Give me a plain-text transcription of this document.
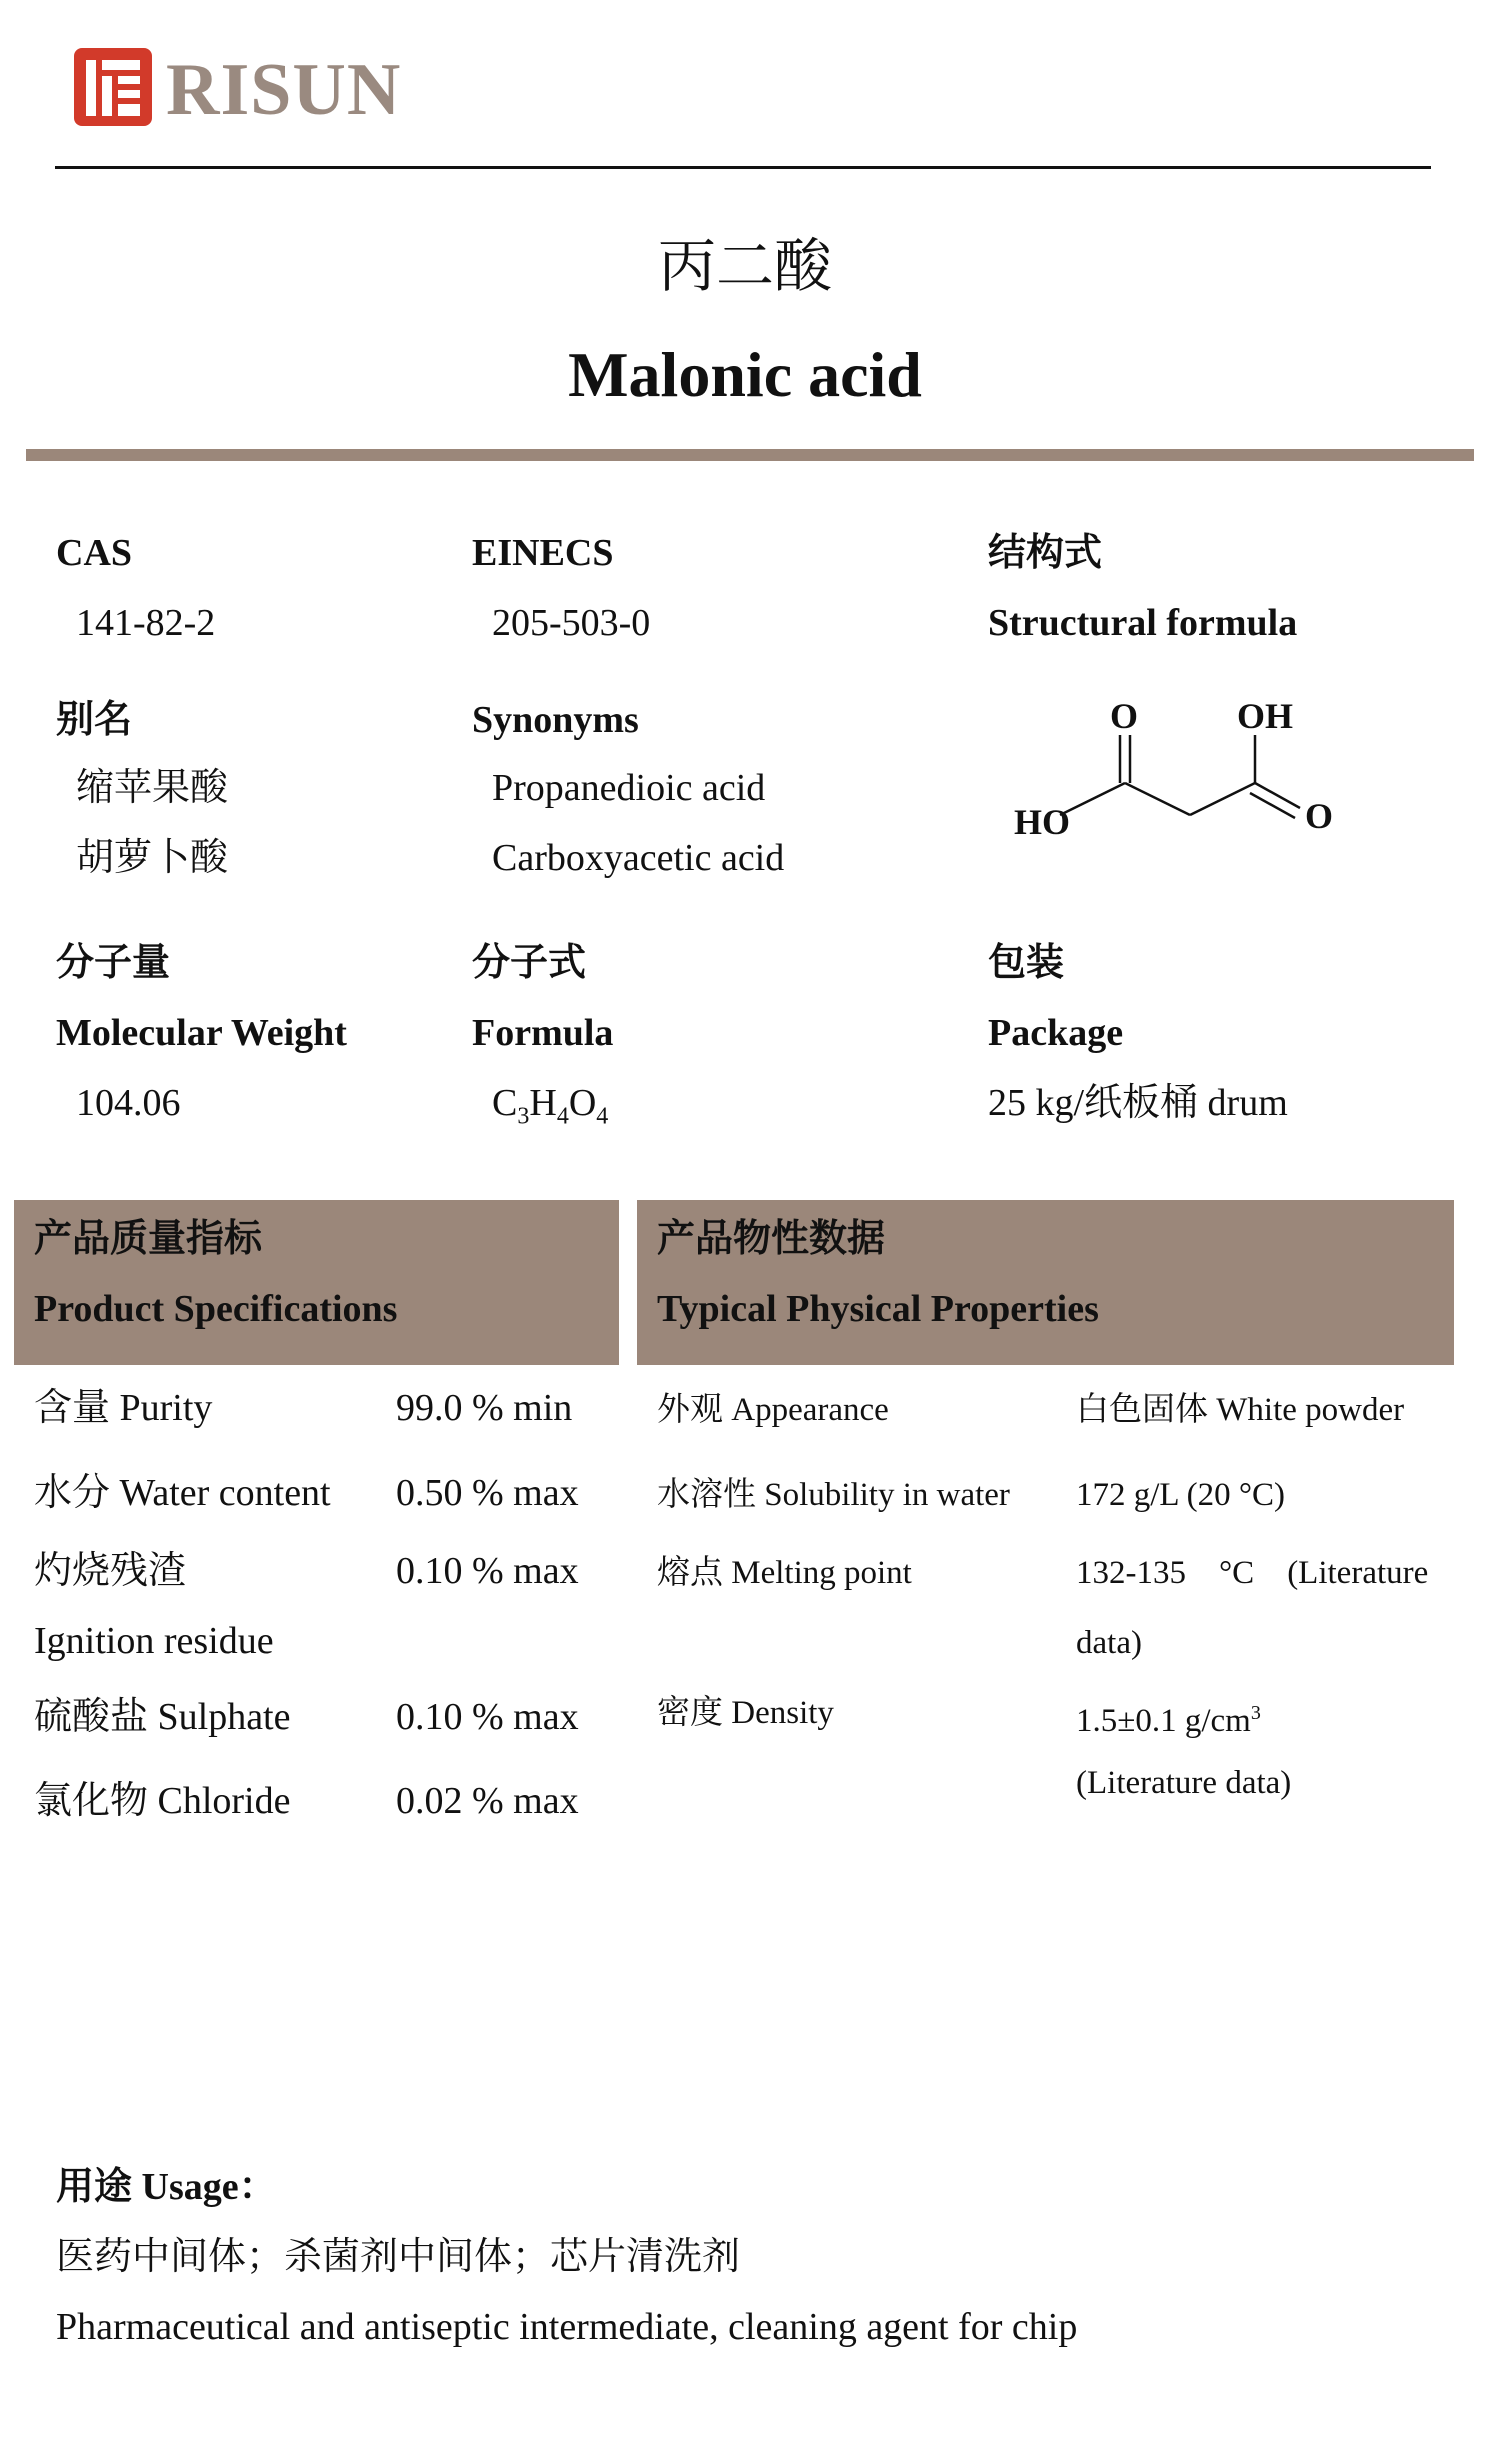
RISUN
丙二酸
Malonic acid
CAS
141-82-2
别名
缩苹果酸
胡萝卜酸
分子量
Molecular Weight
104.06
EINECS
205-503-0
Synonyms
Propanedioic acid
Carboxyacetic acid
分子式
Formula
$C_3H_4O_4$
结构式
Structural formula
O	OH
HO	O
包装
Package
25 kg/纸板桶 drum
产品质量指标
Product Specifications
产品物性数据
Typical Physical Properties
含量 Purity	99.0 % min
水分 Water content 0.50 % max
灼烧残渣
Ignition residue
0.10 % max
硫酸盐 Sulphate	0.10 % max
氯化物 Chloride	0.02 % max
外观 Appearance	白色固体 White powder
水溶性 Solubility in water 172 g/L (20 °C)
熔点 Melting point	132-135　°C　(Literature
data)
密度 Density	1.5±0.1 $g/cm^3$
(Literature data)
用途 Usage：
医药中间体；杀菌剂中间体；芯片清洗剂
Pharmaceutical and antiseptic intermediate, cleaning agent for chip
